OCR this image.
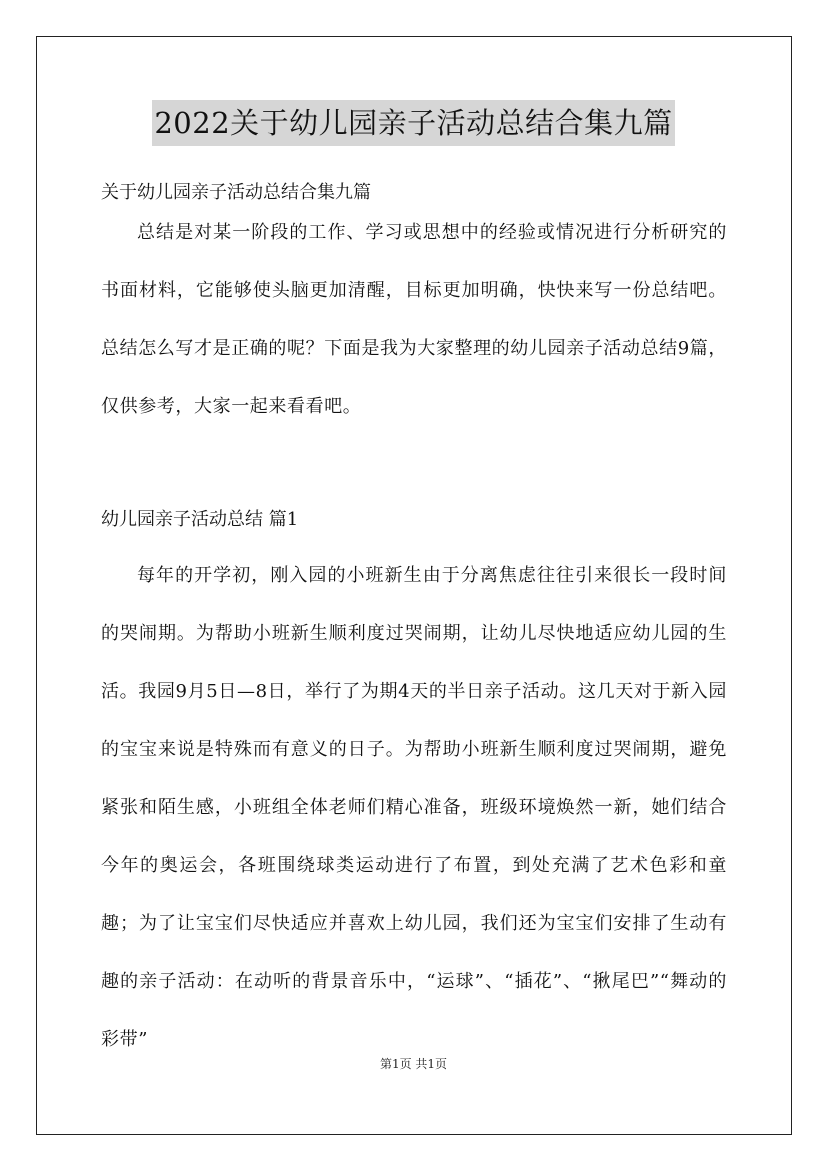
2022关于幼儿园亲子活动总结合集九篇
关于幼儿园亲子活动总结合集九篇

总结是对某一阶段的工作、学习或思想中的经验或情况进行分析研究的书面材料，它能够使头脑更加清醒，目标更加明确，快快来写一份总结吧。总结怎么写才是正确的呢？下面是我为大家整理的幼儿园亲子活动总结9篇，仅供参考，大家一起来看看吧。

幼儿园亲子活动总结 篇1

每年的开学初，刚入园的小班新生由于分离焦虑往往引来很长一段时间的哭闹期。为帮助小班新生顺利度过哭闹期，让幼儿尽快地适应幼儿园的生活。我园9月5日—8日，举行了为期4天的半日亲子活动。这几天对于新入园的宝宝来说是特殊而有意义的日子。为帮助小班新生顺利度过哭闹期，避免紧张和陌生感，小班组全体老师们精心准备，班级环境焕然一新，她们结合今年的奥运会，各班围绕球类运动进行了布置，到处充满了艺术色彩和童趣；为了让宝宝们尽快适应并喜欢上幼儿园，我们还为宝宝们安排了生动有趣的亲子活动：在动听的背景音乐中，“运球”、“插花”、“揪尾巴”“舞动的彩带”

第1页 共1页
